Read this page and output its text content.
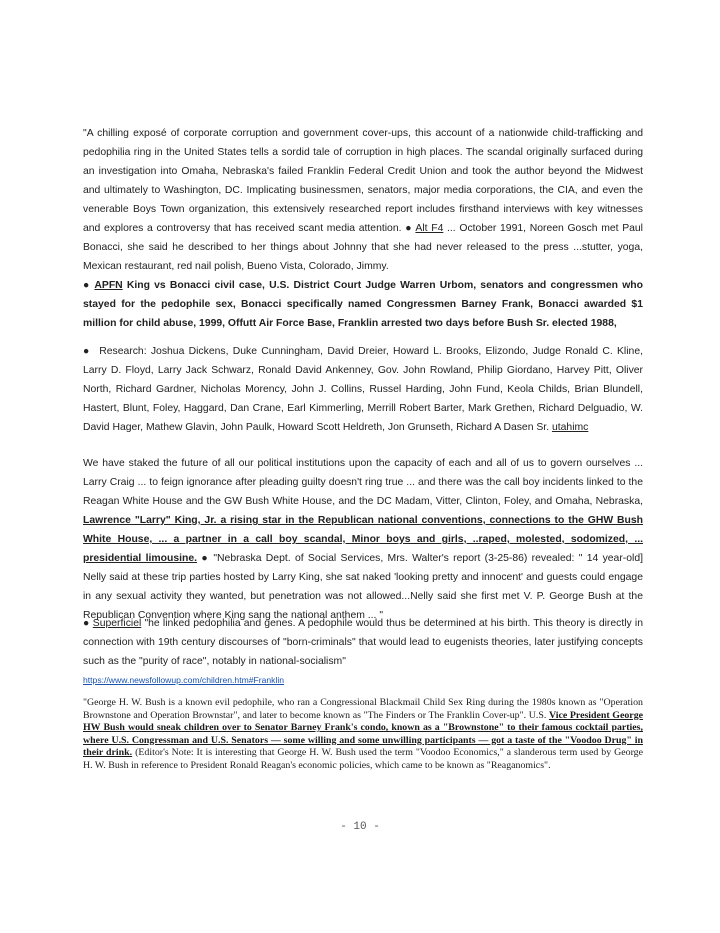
"A chilling exposé of corporate corruption and government cover-ups, this account of a nationwide child-trafficking and pedophilia ring in the United States tells a sordid tale of corruption in high places. The scandal originally surfaced during an investigation into Omaha, Nebraska's failed Franklin Federal Credit Union and took the author beyond the Midwest and ultimately to Washington, DC. Implicating businessmen, senators, major media corporations, the CIA, and even the venerable Boys Town organization, this extensively researched report includes firsthand interviews with key witnesses and explores a controversy that has received scant media attention. ● Alt F4 ... October 1991, Noreen Gosch met Paul Bonacci, she said he described to her things about Johnny that she had never released to the press ...stutter, yoga, Mexican restaurant, red nail polish, Bueno Vista, Colorado, Jimmy.

● APFN King vs Bonacci civil case, U.S. District Court Judge Warren Urbom, senators and congressmen who stayed for the pedophile sex, Bonacci specifically named Congressmen Barney Frank, Bonacci awarded $1 million for child abuse, 1999, Offutt Air Force Base, Franklin arrested two days before Bush Sr. elected 1988,

● Research: Joshua Dickens, Duke Cunningham, David Dreier, Howard L. Brooks, Elizondo, Judge Ronald C. Kline, Larry D. Floyd, Larry Jack Schwarz, Ronald David Ankenney, Gov. John Rowland, Philip Giordano, Harvey Pitt, Oliver North, Richard Gardner, Nicholas Morency, John J. Collins, Russel Harding, John Fund, Keola Childs, Brian Blundell, Hastert, Blunt, Foley, Haggard, Dan Crane, Earl Kimmerling, Merrill Robert Barter, Mark Grethen, Richard Delguadio, W. David Hager, Mathew Glavin, John Paulk, Howard Scott Heldreth, Jon Grunseth, Richard A Dasen Sr. utahimc

We have staked the future of all our political institutions upon the capacity of each and all of us to govern ourselves ... Larry Craig ... to feign ignorance after pleading guilty doesn't ring true ... and there was the call boy incidents linked to the Reagan White House and the GW Bush White House, and the DC Madam, Vitter, Clinton, Foley, and Omaha, Nebraska, Lawrence "Larry" King, Jr. a rising star in the Republican national conventions, connections to the GHW Bush White House, ... a partner in a call boy scandal, Minor boys and girls, ..raped, molested, sodomized, ... presidential limousine. ● "Nebraska Dept. of Social Services, Mrs. Walter's report (3-25-86) revealed: " 14 year-old] Nelly said at these trip parties hosted by Larry King, she sat naked 'looking pretty and innocent' and guests could engage in any sexual activity they wanted, but penetration was not allowed...Nelly said she first met V. P. George Bush at the Republican Convention where King sang the national anthem ... "

● Superficiel "he linked pedophilia and genes. A pedophile would thus be determined at his birth. This theory is directly in connection with 19th century discourses of "born-criminals" that would lead to eugenists theories, later justifying concepts such as the "purity of race", notably in national-socialism"

https://www.newsfollowup.com/children.htm#Franklin

"George H. W. Bush is a known evil pedophile, who ran a Congressional Blackmail Child Sex Ring during the 1980s known as "Operation Brownstone and Operation Brownstar", and later to become known as "The Finders or The Franklin Cover-up". U.S. Vice President George HW Bush would sneak children over to Senator Barney Frank's condo, known as a "Brownstone" to their famous cocktail parties, where U.S. Congressman and U.S. Senators — some willing and some unwilling participants — got a taste of the "Voodoo Drug" in their drink. (Editor's Note: It is interesting that George H. W. Bush used the term "Voodoo Economics," a slanderous term used by George H. W. Bush in reference to President Ronald Reagan's economic policies, which came to be known as "Reaganomics".

- 10 -
